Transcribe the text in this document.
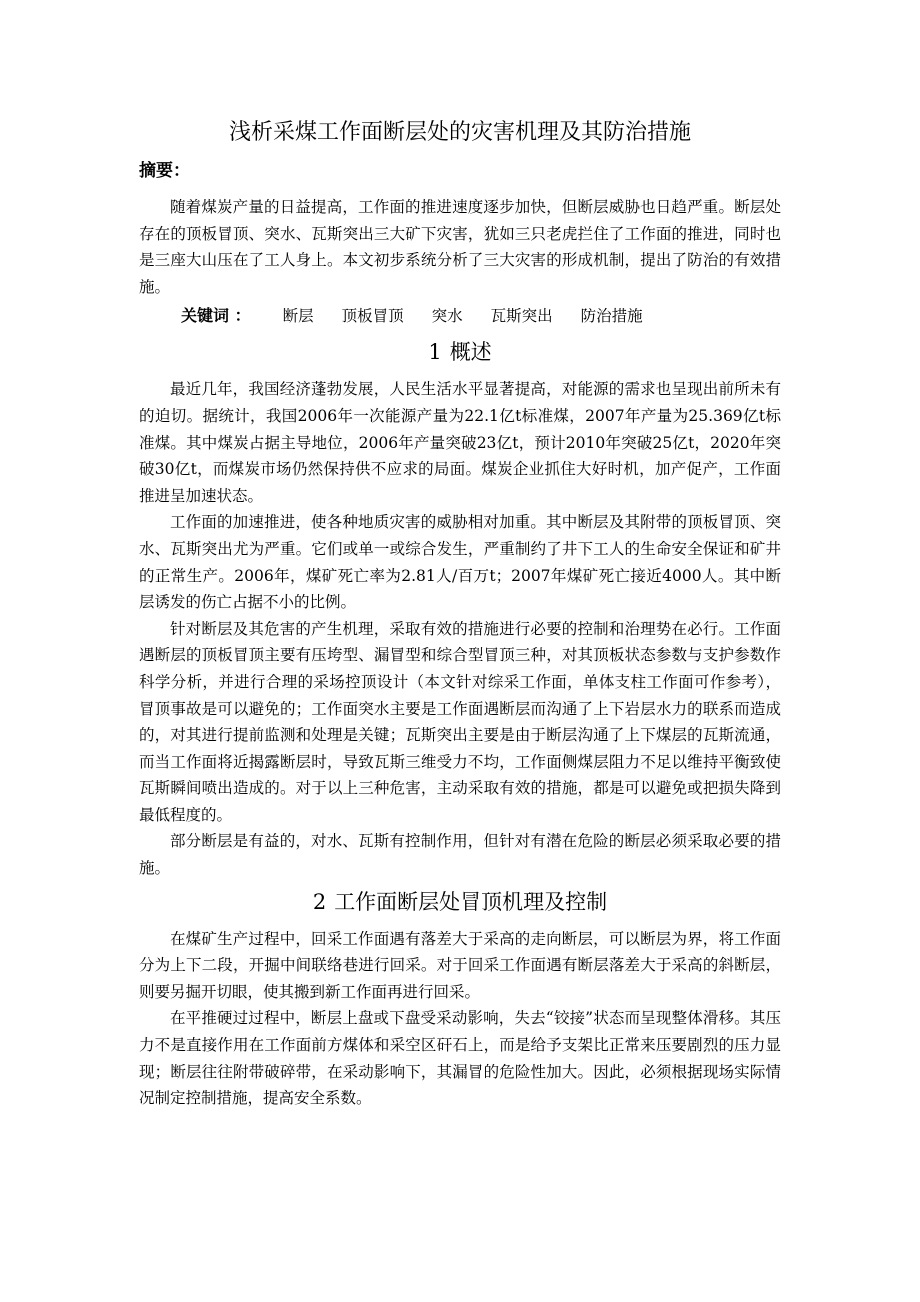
浅析采煤工作面断层处的灾害机理及其防治措施
摘要：

随着煤炭产量的日益提高，工作面的推进速度逐步加快，但断层威胁也日趋严重。断层处存在的顶板冒顶、突水、瓦斯突出三大矿下灾害，犹如三只老虎拦住了工作面的推进，同时也是三座大山压在了工人身上。本文初步系统分析了三大灾害的形成机制，提出了防治的有效措施。

关键词 ： 断层 顶板冒顶 突水 瓦斯突出 防治措施
1 概述

最近几年，我国经济蓬勃发展，人民生活水平显著提高，对能源的需求也呈现出前所未有的迫切。据统计，我国2006年一次能源产量为22.1亿t标准煤，2007年产量为25.369亿t标准煤。其中煤炭占据主导地位，2006年产量突破23亿t，预计2010年突破25亿t，2020年突破30亿t，而煤炭市场仍然保持供不应求的局面。煤炭企业抓住大好时机，加产促产，工作面推进呈加速状态。

工作面的加速推进，使各种地质灾害的威胁相对加重。其中断层及其附带的顶板冒顶、突水、瓦斯突出尤为严重。它们或单一或综合发生，严重制约了井下工人的生命安全保证和矿井的正常生产。2006年，煤矿死亡率为2.81人/百万t；2007年煤矿死亡接近4000人。其中断层诱发的伤亡占据不小的比例。

针对断层及其危害的产生机理，采取有效的措施进行必要的控制和治理势在必行。工作面遇断层的顶板冒顶主要有压垮型、漏冒型和综合型冒顶三种，对其顶板状态参数与支护参数作科学分析，并进行合理的采场控顶设计（本文针对综采工作面，单体支柱工作面可作参考），冒顶事故是可以避免的；工作面突水主要是工作面遇断层而沟通了上下岩层水力的联系而造成的，对其进行提前监测和处理是关键；瓦斯突出主要是由于断层沟通了上下煤层的瓦斯流通，而当工作面将近揭露断层时，导致瓦斯三维受力不均，工作面侧煤层阻力不足以维持平衡致使瓦斯瞬间喷出造成的。对于以上三种危害，主动采取有效的措施，都是可以避免或把损失降到最低程度的。

部分断层是有益的，对水、瓦斯有控制作用，但针对有潜在危险的断层必须采取必要的措施。

2 工作面断层处冒顶机理及控制

在煤矿生产过程中，回采工作面遇有落差大于采高的走向断层，可以断层为界，将工作面分为上下二段，开掘中间联络巷进行回采。对于回采工作面遇有断层落差大于采高的斜断层，则要另掘开切眼，使其搬到新工作面再进行回采。

在平推硬过过程中，断层上盘或下盘受采动影响，失去“铰接”状态而呈现整体滑移。其压力不是直接作用在工作面前方煤体和采空区矸石上，而是给予支架比正常来压要剧烈的压力显现；断层往往附带破碎带，在采动影响下，其漏冒的危险性加大。因此，必须根据现场实际情况制定控制措施，提高安全系数。
